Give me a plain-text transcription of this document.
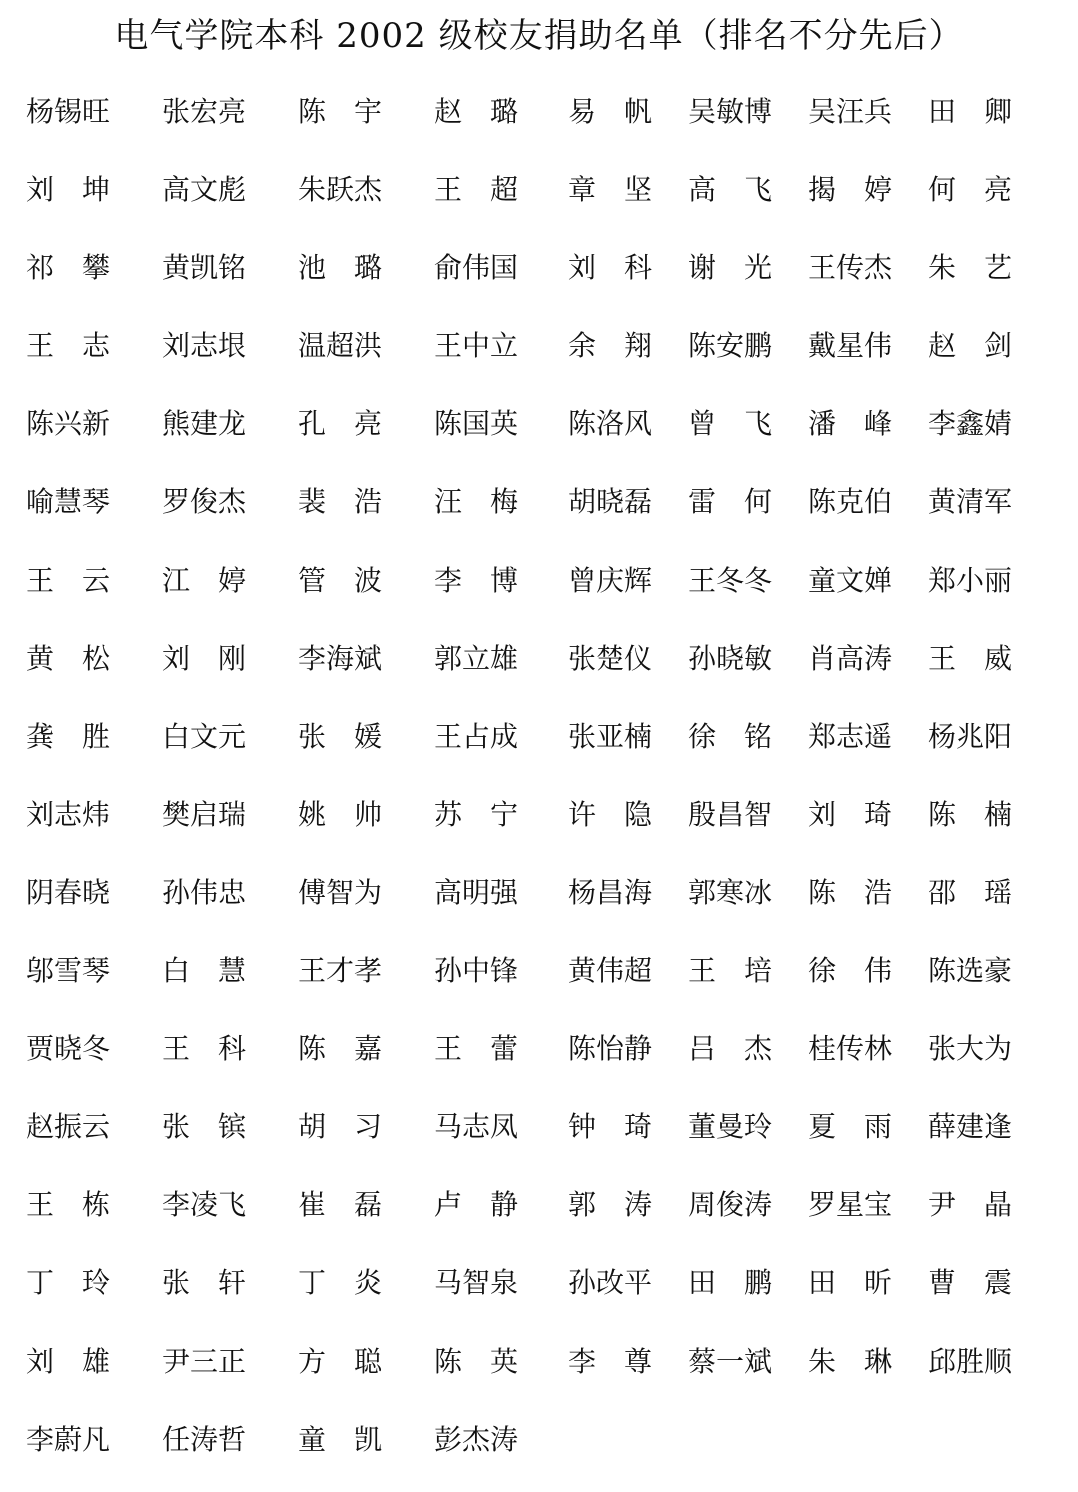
电气学院本科 2002 级校友捐助名单（排名不分先后）
杨锡旺	张宏亮	陈　宇	赵　璐	易　帆	吴敏博	吴汪兵	田　卿
刘　坤	高文彪	朱跃杰	王　超	章　坚	高　飞	揭　婷	何　亮
祁　攀	黄凯铭	池　璐	俞伟国	刘　科	谢　光	王传杰	朱　艺
王　志	刘志垠	温超洪	王中立	余　翔	陈安鹏	戴星伟	赵　剑
陈兴新	熊建龙	孔　亮	陈国英	陈洛风	曾　飞	潘　峰	李鑫婧
喻慧琴	罗俊杰	裴　浩	汪　梅	胡晓磊	雷　何	陈克伯	黄清军
王　云	江　婷	管　波	李　博	曾庆辉	王冬冬	童文婵	郑小丽
黄　松	刘　刚	李海斌	郭立雄	张楚仪	孙晓敏	肖高涛	王　威
龚　胜	白文元	张　媛	王占成	张亚楠	徐　铭	郑志遥	杨兆阳
刘志炜	樊启瑞	姚　帅	苏　宁	许　隐	殷昌智	刘　琦	陈　楠
阴春晓	孙伟忠	傅智为	高明强	杨昌海	郭寒冰	陈　浩	邵　瑶
邬雪琴	白　慧	王才孝	孙中锋	黄伟超	王　培	徐　伟	陈选豪
贾晓冬	王　科	陈　嘉	王　蕾	陈怡静	吕　杰	桂传林	张大为
赵振云	张　镔	胡　习	马志凤	钟　琦	董曼玲	夏　雨	薛建逢
王　栋	李凌飞	崔　磊	卢　静	郭　涛	周俊涛	罗星宝	尹　晶
丁　玲	张　轩	丁　炎	马智泉	孙改平	田　鹏	田　昕	曹　震
刘　雄	尹三正	方　聪	陈　英	李　尊	蔡一斌	朱　琳	邱胜顺
李蔚凡	任涛哲	童　凯	彭杰涛
